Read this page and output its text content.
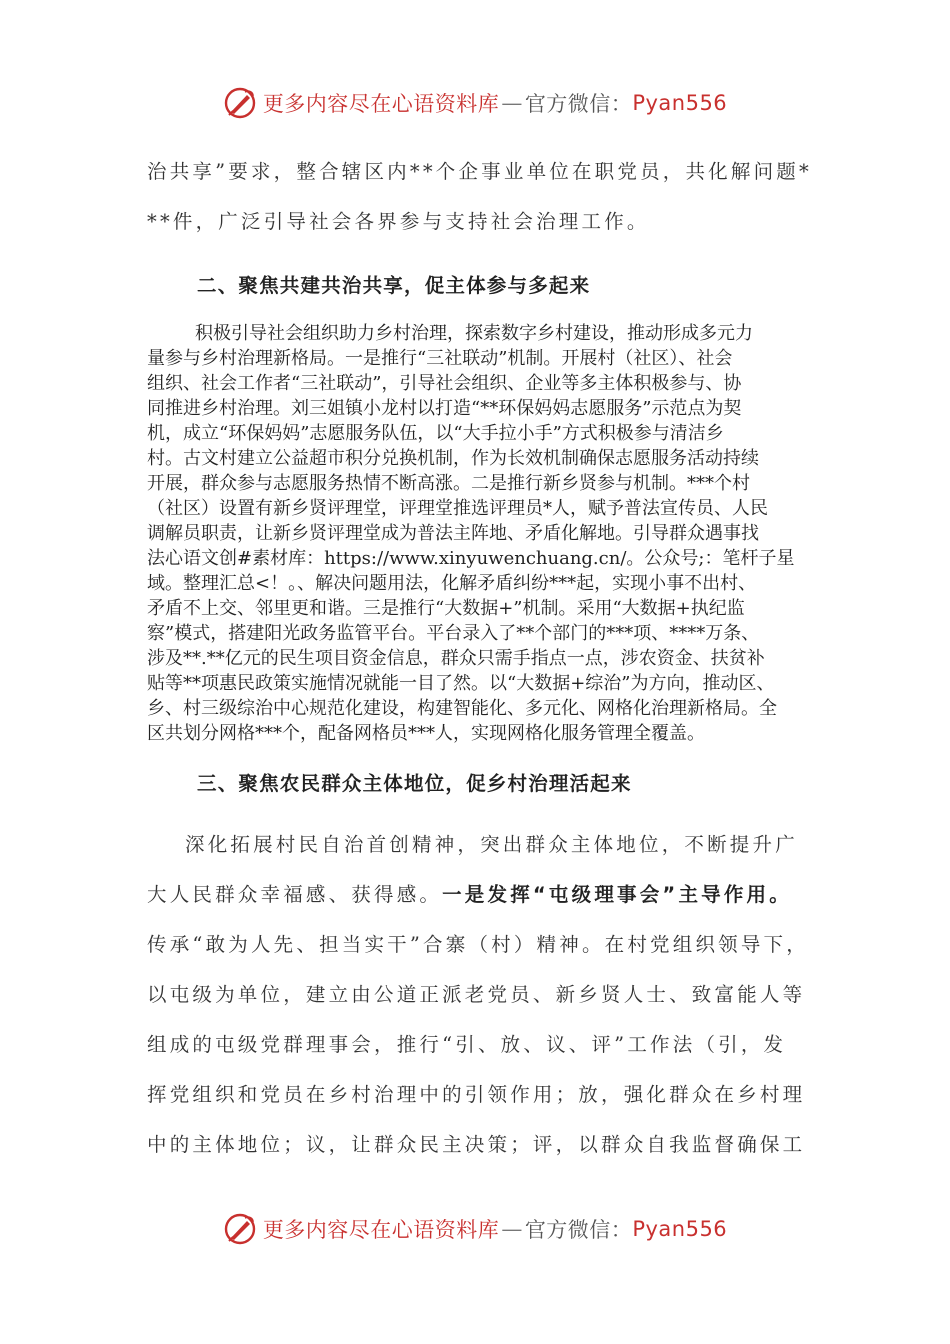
更多内容尽在心语资料库 — 官方微信： Pyan556
治共享”要求，整合辖区内**个企事业单位在职党员，共化解问题*
**件，广泛引导社会各界参与支持社会治理工作。
二、聚焦共建共治共享，促主体参与多起来
积极引导社会组织助力乡村治理，探索数字乡村建设，推动形成多元力
量参与乡村治理新格局。一是推行“三社联动”机制。开展村（社区）、社会
组织、社会工作者“三社联动”，引导社会组织、企业等多主体积极参与、协
同推进乡村治理。刘三姐镇小龙村以打造“**环保妈妈志愿服务”示范点为契
机，成立“环保妈妈”志愿服务队伍，以“大手拉小手”方式积极参与清洁乡
村。古文村建立公益超市积分兑换机制，作为长效机制确保志愿服务活动持续
开展，群众参与志愿服务热情不断高涨。二是推行新乡贤参与机制。***个村
（社区）设置有新乡贤评理堂，评理堂推选评理员*人，赋予普法宣传员、人民
调解员职责，让新乡贤评理堂成为普法主阵地、矛盾化解地。引导群众遇事找
法心语文创#素材库：https://www.xinyuwenchuang.cn/。公众号;：笔杆子星
域。整理汇总<！。、解决问题用法，化解矛盾纠纷***起，实现小事不出村、
矛盾不上交、邻里更和谐。三是推行“大数据+”机制。采用“大数据+执纪监
察”模式，搭建阳光政务监管平台。平台录入了**个部门的***项、****万条、
涉及**.**亿元的民生项目资金信息，群众只需手指点一点，涉农资金、扶贫补
贴等**项惠民政策实施情况就能一目了然。以“大数据+综治”为方向，推动区、
乡、村三级综治中心规范化建设，构建智能化、多元化、网格化治理新格局。全
区共划分网格***个，配备网格员***人，实现网格化服务管理全覆盖。
三、聚焦农民群众主体地位，促乡村治理活起来
深化拓展村民自治首创精神，突出群众主体地位，不断提升广
大人民群众幸福感、获得感。一是发挥“屯级理事会”主导作用。
传承“敢为人先、担当实干”合寨（村）精神。在村党组织领导下，
以屯级为单位，建立由公道正派老党员、新乡贤人士、致富能人等
组成的屯级党群理事会，推行“引、放、议、评”工作法（引，发
挥党组织和党员在乡村治理中的引领作用；放，强化群众在乡村理
中的主体地位；议，让群众民主决策；评，以群众自我监督确保工
更多内容尽在心语资料库 — 官方微信： Pyan556
